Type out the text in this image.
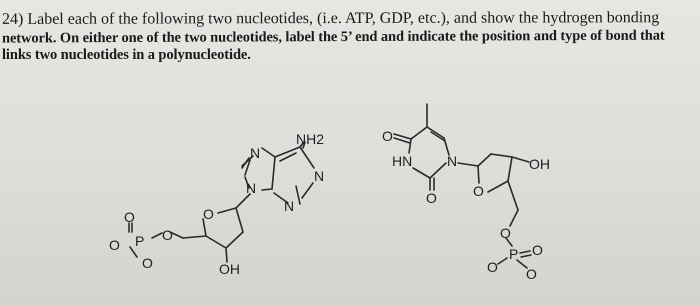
24) Label each of the following two nucleotides, (i.e. ATP, GDP, etc.), and show the hydrogen bonding
network. On either one of the two nucleotides, label the 5’ end and indicate the position and type of bond that
links two nucleotides in a polynucleotide.
NH2
N
N
N
N
O
OH
O
P O
O
O
O
HN N
O	O
OH
O
P O
O O
